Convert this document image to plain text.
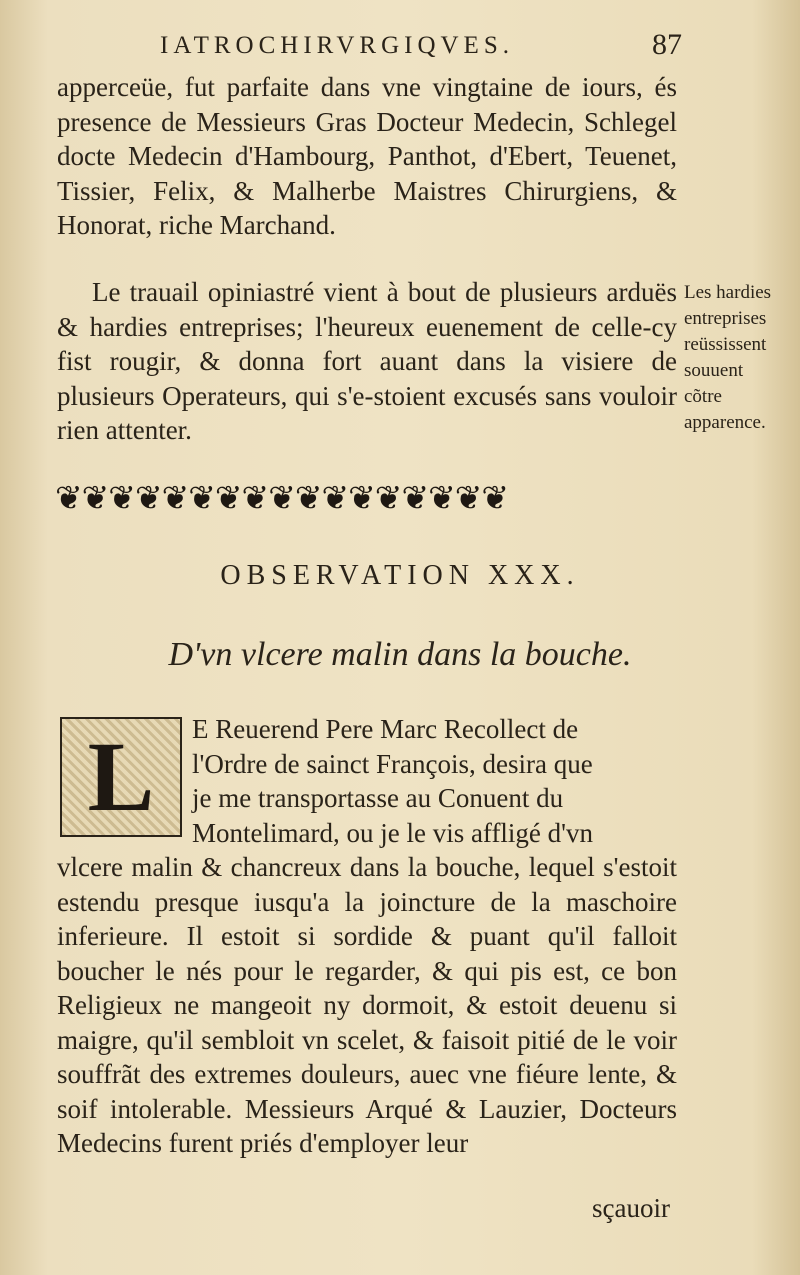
IATROCHIRVRGIQVES.	87

apperceüe, fut parfaite dans vne vingtaine de iours, és presence de Messieurs Gras Docteur Medecin, Schlegel docte Medecin d'Hambourg, Panthot, d'Ebert, Teuenet, Tissier, Felix, & Malherbe Maistres Chirurgiens, & Honorat, riche Marchand.

Le trauail opiniastré vient à bout de plusieurs arduës & hardies entreprises; l'heureux euenement de celle-cy fist rougir, & donna fort auant dans la visiere de plusieurs Operateurs, qui s'e-stoient excusés sans vouloir rien attenter.

Les hardies entreprises reüssissent souuent cõtre apparence.
❦❦❦❦❦❦❦❦❦❦❦❦❦❦❦❦❦
OBSERVATION XXX.
D'vn vlcere malin dans la bouche.
E Reuerend Pere Marc Recollect de
l'Ordre de sainct François, desira que
je me transportasse au Conuent du
Montelimard, ou je le vis affligé d'vn

vlcere malin & chancreux dans la bouche, lequel s'estoit estendu presque iusqu'a la joincture de la maschoire inferieure. Il estoit si sordide & puant qu'il falloit boucher le nés pour le regarder, & qui pis est, ce bon Religieux ne mangeoit ny dormoit, & estoit deuenu si maigre, qu'il sembloit vn scelet, & faisoit pitié de le voir souffrãt des extremes douleurs, auec vne fiéure lente, & soif intolerable. Messieurs Arqué & Lauzier, Docteurs Medecins furent priés d'employer leur

L
sçauoir
